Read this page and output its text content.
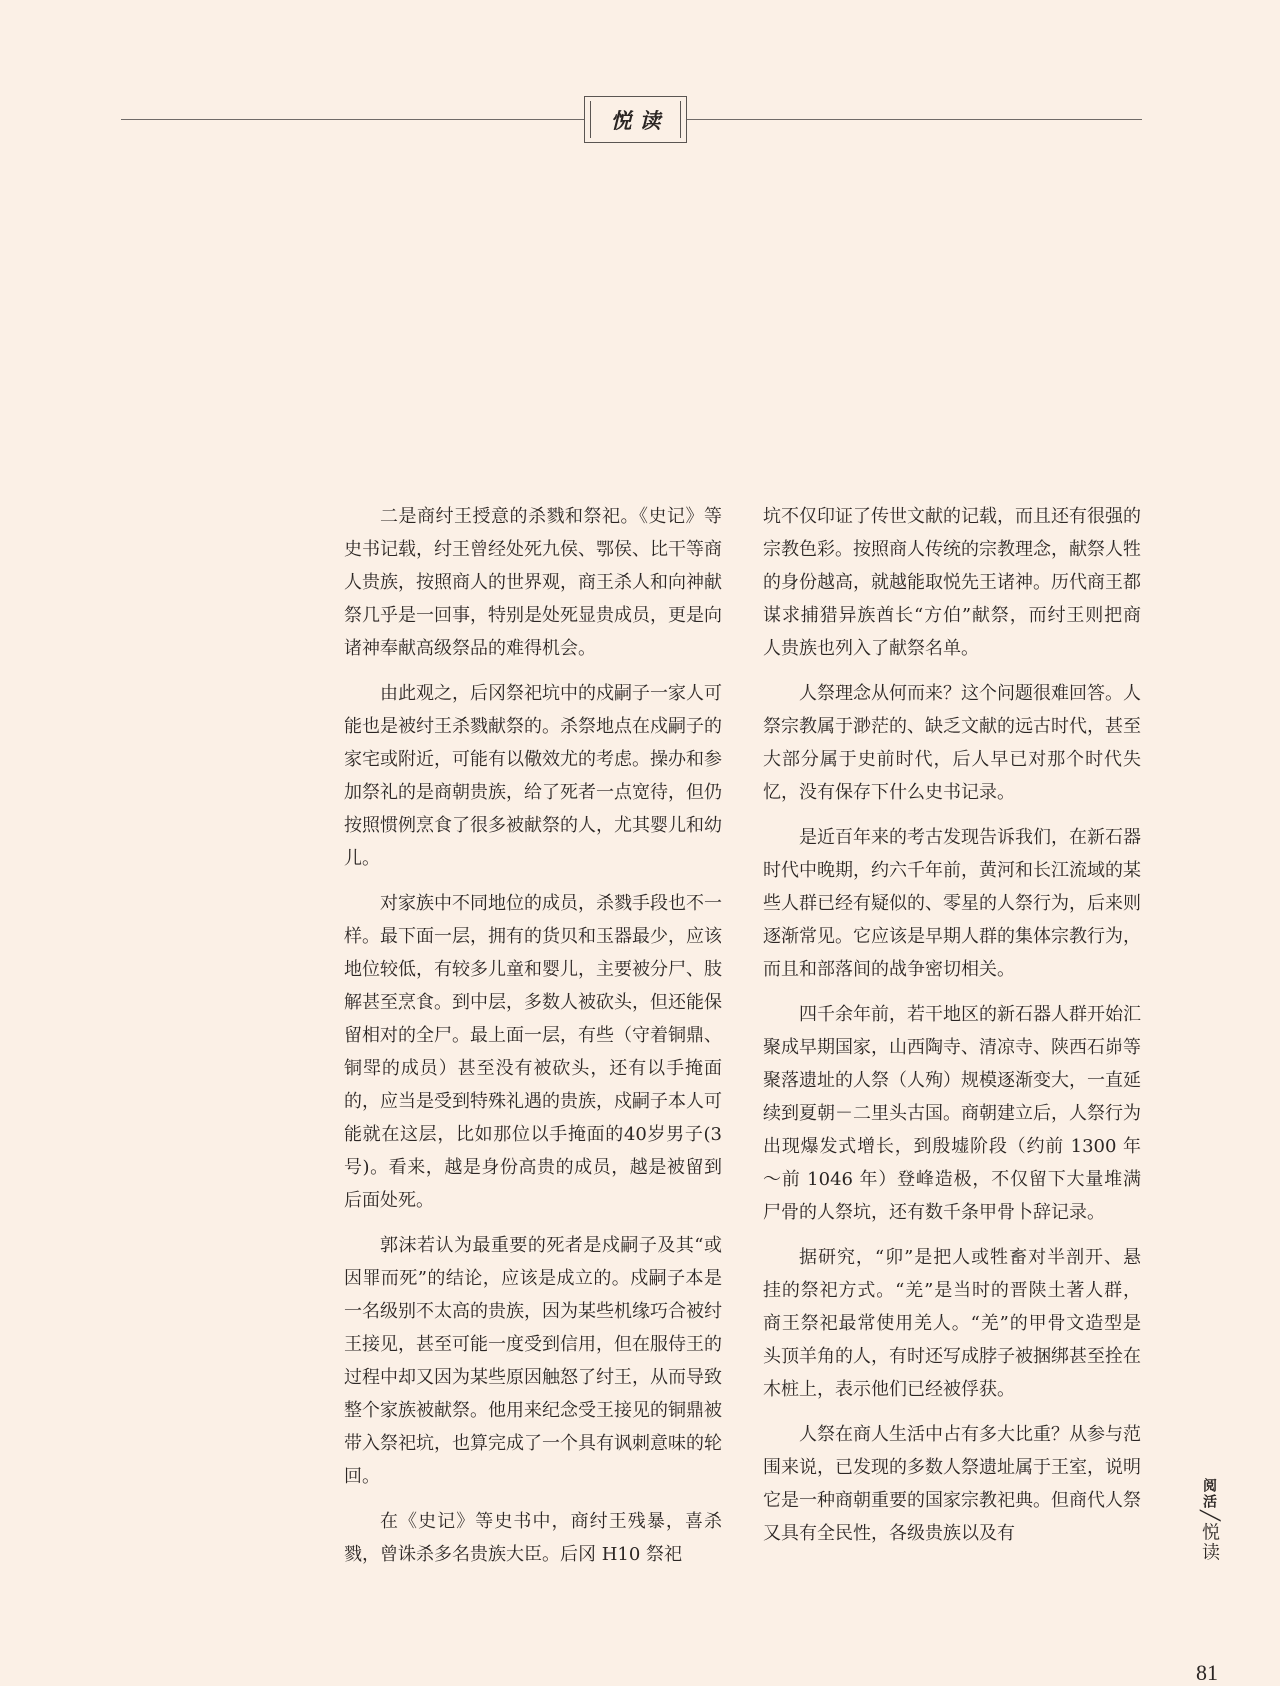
悦读

二是商纣王授意的杀戮和祭祀。《史记》等史书记载，纣王曾经处死九侯、鄂侯、比干等商人贵族，按照商人的世界观，商王杀人和向神献祭几乎是一回事，特别是处死显贵成员，更是向诸神奉献高级祭品的难得机会。

由此观之，后冈祭祀坑中的戍嗣子一家人可能也是被纣王杀戮献祭的。杀祭地点在戍嗣子的家宅或附近，可能有以儆效尤的考虑。操办和参加祭礼的是商朝贵族，给了死者一点宽待，但仍按照惯例烹食了很多被献祭的人，尤其婴儿和幼儿。

对家族中不同地位的成员，杀戮手段也不一样。最下面一层，拥有的货贝和玉器最少，应该地位较低，有较多儿童和婴儿，主要被分尸、肢解甚至烹食。到中层，多数人被砍头，但还能保留相对的全尸。最上面一层，有些（守着铜鼎、铜斝的成员）甚至没有被砍头，还有以手掩面的，应当是受到特殊礼遇的贵族，戍嗣子本人可能就在这层，比如那位以手掩面的40岁男子(3号)。看来，越是身份高贵的成员，越是被留到后面处死。

郭沫若认为最重要的死者是戍嗣子及其“或因罪而死”的结论，应该是成立的。戍嗣子本是一名级别不太高的贵族，因为某些机缘巧合被纣王接见，甚至可能一度受到信用，但在服侍王的过程中却又因为某些原因触怒了纣王，从而导致整个家族被献祭。他用来纪念受王接见的铜鼎被带入祭祀坑，也算完成了一个具有讽刺意味的轮回。

在《史记》等史书中，商纣王残暴，喜杀戮，曾诛杀多名贵族大臣。后冈 H10 祭祀

坑不仅印证了传世文献的记载，而且还有很强的宗教色彩。按照商人传统的宗教理念，献祭人牲的身份越高，就越能取悦先王诸神。历代商王都谋求捕猎异族酋长“方伯”献祭，而纣王则把商人贵族也列入了献祭名单。

人祭理念从何而来？这个问题很难回答。人祭宗教属于渺茫的、缺乏文献的远古时代，甚至大部分属于史前时代，后人早已对那个时代失忆，没有保存下什么史书记录。

是近百年来的考古发现告诉我们，在新石器时代中晚期，约六千年前，黄河和长江流域的某些人群已经有疑似的、零星的人祭行为，后来则逐渐常见。它应该是早期人群的集体宗教行为，而且和部落间的战争密切相关。

四千余年前，若干地区的新石器人群开始汇聚成早期国家，山西陶寺、清凉寺、陕西石峁等聚落遗址的人祭（人殉）规模逐渐变大，一直延续到夏朝－二里头古国。商朝建立后，人祭行为出现爆发式增长，到殷墟阶段（约前 1300 年～前 1046 年）登峰造极，不仅留下大量堆满尸骨的人祭坑，还有数千条甲骨卜辞记录。

据研究，“卯”是把人或牲畜对半剖开、悬挂的祭祀方式。“羌”是当时的晋陕土著人群，商王祭祀最常使用羌人。“羌”的甲骨文造型是头顶羊角的人，有时还写成脖子被捆绑甚至拴在木桩上，表示他们已经被俘获。

人祭在商人生活中占有多大比重？从参与范围来说，已发现的多数人祭遗址属于王室，说明它是一种商朝重要的国家宗教祀典。但商代人祭又具有全民性，各级贵族以及有

阅活╱悦读
81
